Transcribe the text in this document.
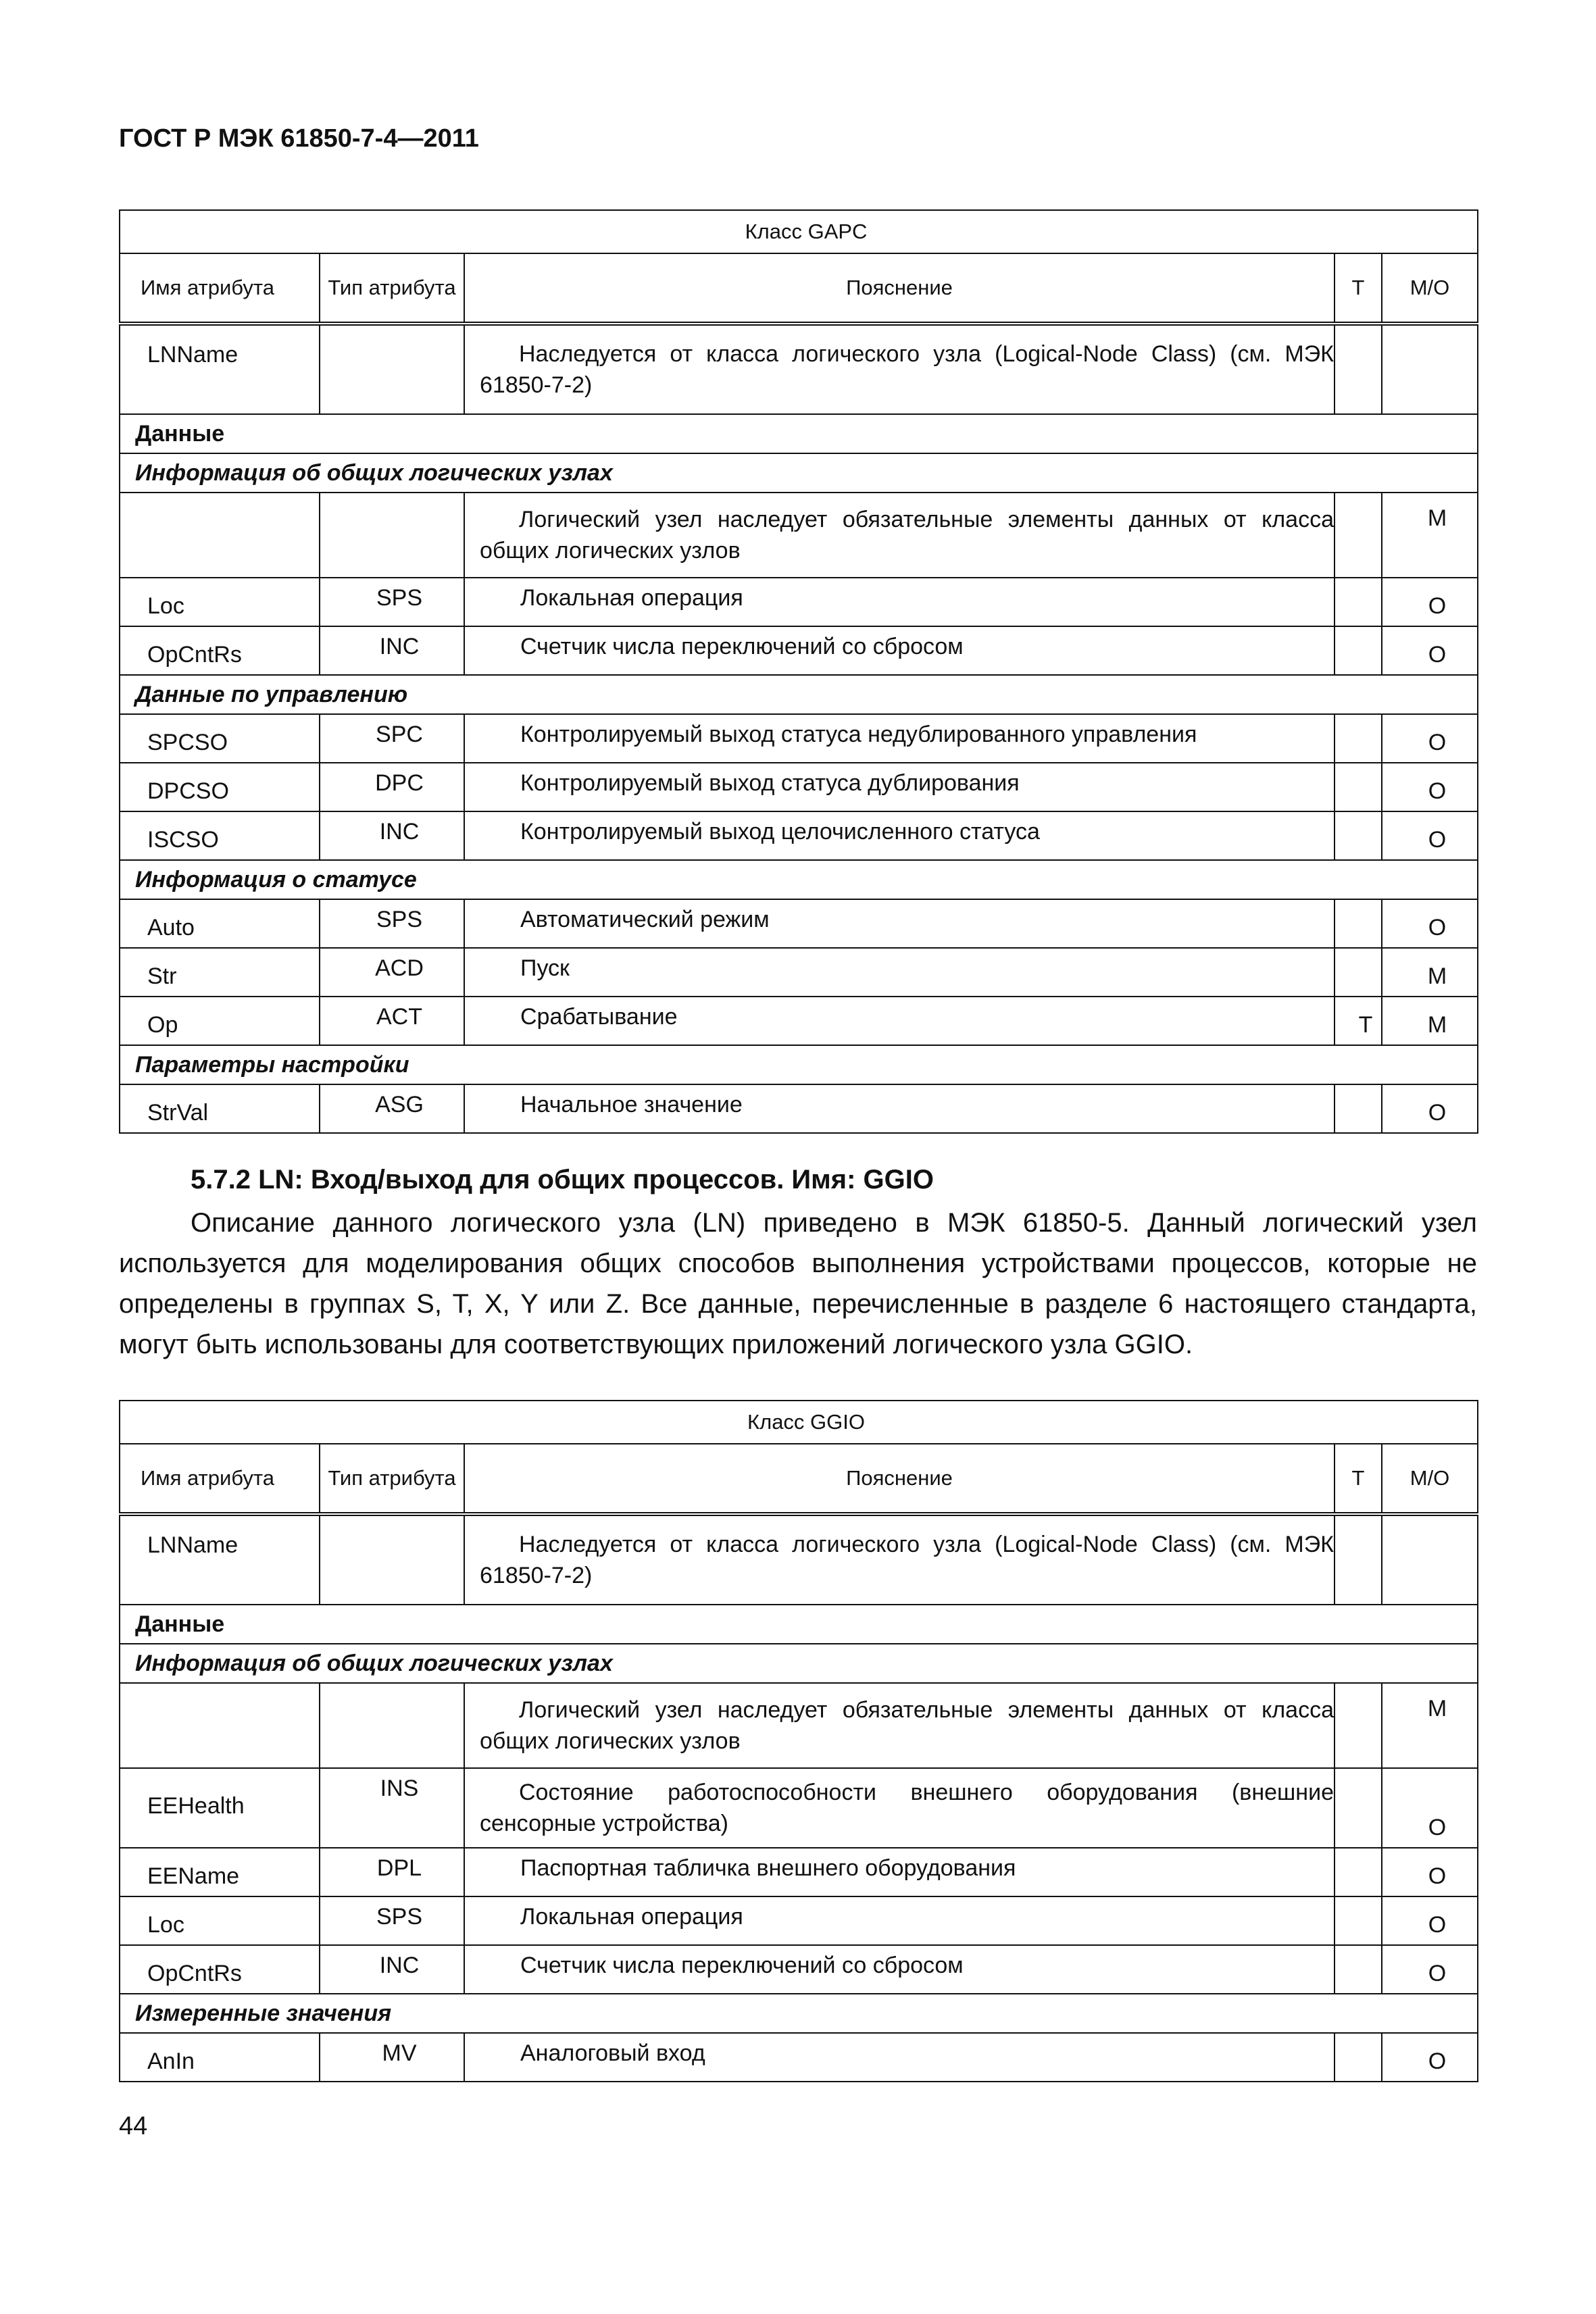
ГОСТ Р МЭК 61850-7-4—2011
Класс GAPC				
Имя атрибута	Тип атрибута	Пояснение	T	M/O
LNName		Наследуется от класса логического узла (Logical-Node Class) (см. МЭК 61850-7-2)		
Данные				
Информация об общих логических узлах				
		Логический узел наследует обязательные элементы данных от класса общих логических узлов		M
Loc	SPS	Локальная операция		O
OpCntRs	INC	Счетчик числа переключений со сбросом		O
Данные по управлению				
SPCSO	SPC	Контролируемый выход статуса недублированного управления		O
DPCSO	DPC	Контролируемый выход статуса дублирования		O
ISCSO	INC	Контролируемый выход целочисленного статуса		O
Информация о статусе				
Auto	SPS	Автоматический режим		O
Str	ACD	Пуск		M
Op	ACT	Срабатывание	T	M
Параметры настройки				
StrVal	ASG	Начальное значение		O
5.7.2 LN: Вход/выход для общих процессов. Имя: GGIO
Описание данного логического узла (LN) приведено в МЭК 61850-5. Данный логический узел используется для моделирования общих способов выполнения устройствами процессов, которые не определены в группах S, T, X, Y или Z. Все данные, перечисленные в разделе 6 настоящего стандарта, могут быть использованы для соответствующих приложений логического узла GGIO.
Класс GGIO				
Имя атрибута	Тип атрибута	Пояснение	T	M/O
LNName		Наследуется от класса логического узла (Logical-Node Class) (см. МЭК 61850-7-2)		
Данные				
Информация об общих логических узлах				
		Логический узел наследует обязательные элементы данных от класса общих логических узлов		M
EEHealth	INS	Состояние работоспособности внешнего оборудования (внешние сенсорные устройства)		O
EEName	DPL	Паспортная табличка внешнего оборудования		O
Loc	SPS	Локальная операция		O
OpCntRs	INC	Счетчик числа переключений со сбросом		O
Измеренные значения				
AnIn	MV	Аналоговый вход		O
44
